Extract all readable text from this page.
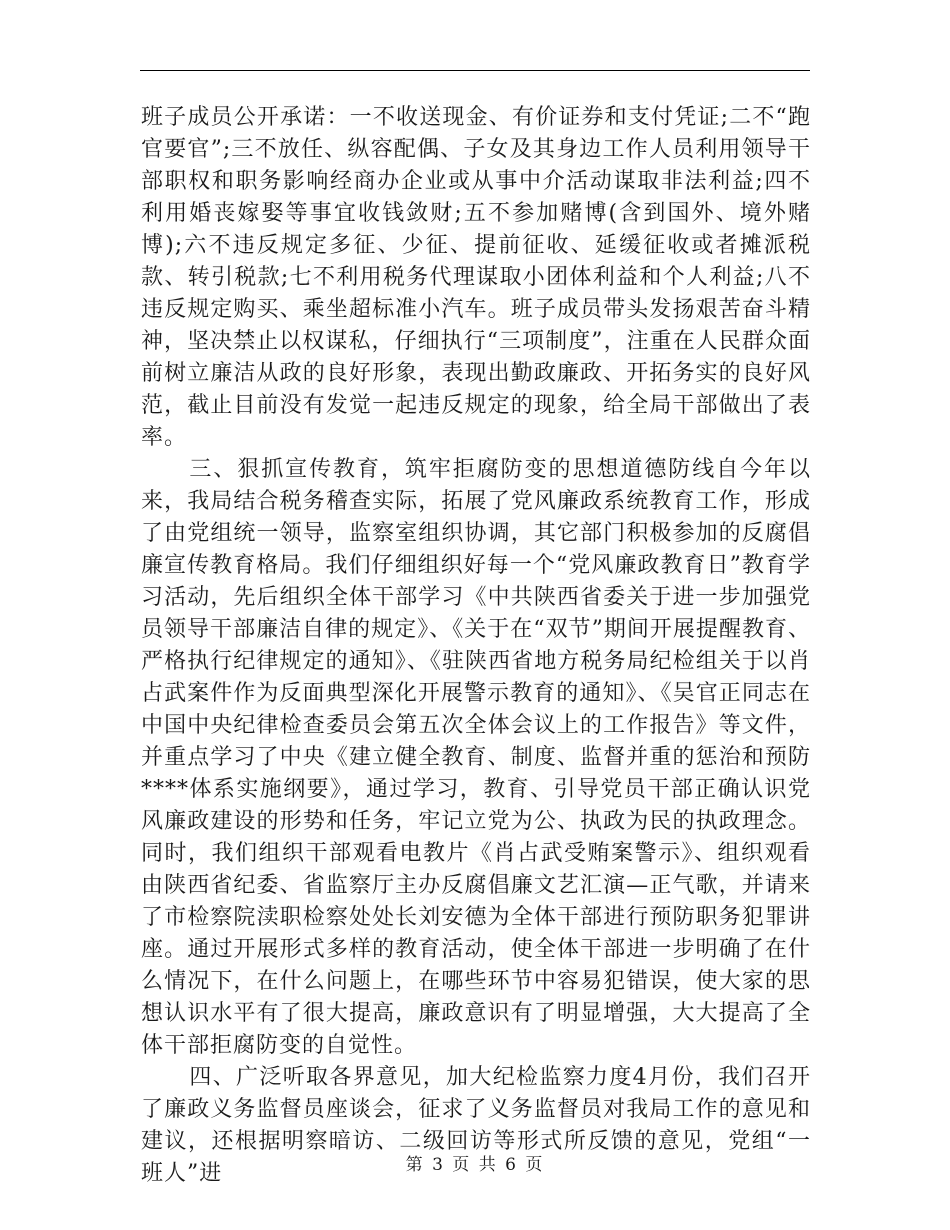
班子成员公开承诺：一不收送现金、有价证券和支付凭证;二不“跑官要官”;三不放任、纵容配偶、子女及其身边工作人员利用领导干部职权和职务影响经商办企业或从事中介活动谋取非法利益;四不利用婚丧嫁娶等事宜收钱敛财;五不参加赌博(含到国外、境外赌博);六不违反规定多征、少征、提前征收、延缓征收或者摊派税款、转引税款;七不利用税务代理谋取小团体利益和个人利益;八不违反规定购买、乘坐超标准小汽车。班子成员带头发扬艰苦奋斗精神，坚决禁止以权谋私，仔细执行“三项制度”，注重在人民群众面前树立廉洁从政的良好形象，表现出勤政廉政、开拓务实的良好风范，截止目前没有发觉一起违反规定的现象，给全局干部做出了表率。

三、狠抓宣传教育，筑牢拒腐防变的思想道德防线自今年以来，我局结合税务稽查实际，拓展了党风廉政系统教育工作，形成了由党组统一领导，监察室组织协调，其它部门积极参加的反腐倡廉宣传教育格局。我们仔细组织好每一个“党风廉政教育日”教育学习活动，先后组织全体干部学习《中共陕西省委关于进一步加强党员领导干部廉洁自律的规定》、《关于在“双节”期间开展提醒教育、严格执行纪律规定的通知》、《驻陕西省地方税务局纪检组关于以肖占武案件作为反面典型深化开展警示教育的通知》、《吴官正同志在中国中央纪律检查委员会第五次全体会议上的工作报告》等文件，并重点学习了中央《建立健全教育、制度、监督并重的惩治和预防****体系实施纲要》，通过学习，教育、引导党员干部正确认识党风廉政建设的形势和任务，牢记立党为公、执政为民的执政理念。同时，我们组织干部观看电教片《肖占武受贿案警示》、组织观看由陕西省纪委、省监察厅主办反腐倡廉文艺汇演—正气歌，并请来了市检察院渎职检察处处长刘安德为全体干部进行预防职务犯罪讲座。通过开展形式多样的教育活动，使全体干部进一步明确了在什么情况下，在什么问题上，在哪些环节中容易犯错误，使大家的思想认识水平有了很大提高，廉政意识有了明显增强，大大提高了全体干部拒腐防变的自觉性。

四、广泛听取各界意见，加大纪检监察力度4月份，我们召开了廉政义务监督员座谈会，征求了义务监督员对我局工作的意见和建议，还根据明察暗访、二级回访等形式所反馈的意见，党组“一班人”进	第 3 页 共 6 页
